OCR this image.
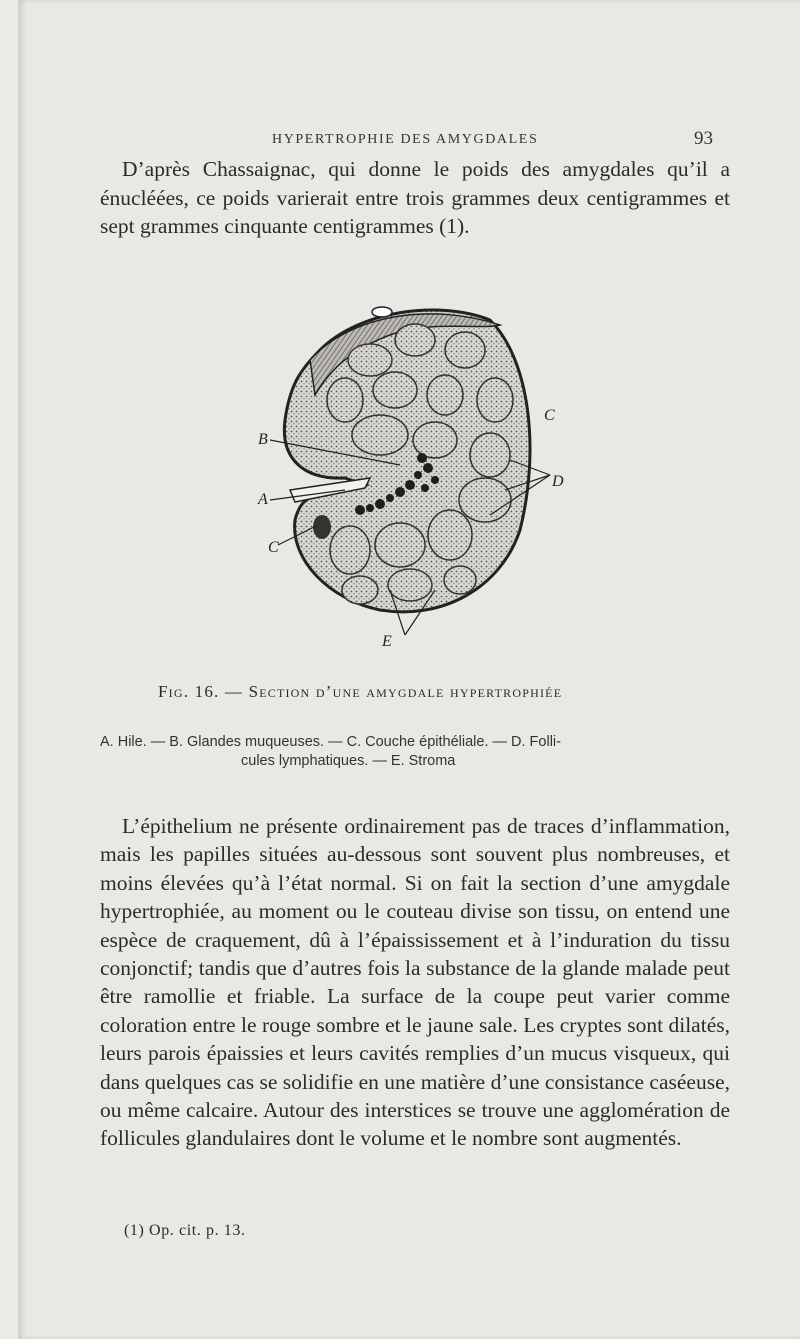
HYPERTROPHIE DES AMYGDALES	93

D’après Chassaignac, qui donne le poids des amygdales qu’il a énucléées, ce poids varierait entre trois grammes deux centigrammes et sept grammes cinquante centigrammes (1).

B
A
C
C
D
E
Fig. 16. — Section d’une amygdale hypertrophiée
A. Hile. — B. Glandes muqueuses. — C. Couche épithéliale. — D. Folli-
cules lymphatiques. — E. Stroma

L’épithelium ne présente ordinairement pas de traces d’inflammation, mais les papilles situées au-dessous sont souvent plus nombreuses, et moins élevées qu’à l’état normal. Si on fait la section d’une amygdale hypertrophiée, au moment ou le couteau divise son tissu, on entend une espèce de craquement, dû à l’épaississement et à l’induration du tissu conjonctif; tandis que d’autres fois la substance de la glande malade peut être ramollie et friable. La surface de la coupe peut varier comme coloration entre le rouge sombre et le jaune sale. Les cryptes sont dilatés, leurs parois épaissies et leurs cavités remplies d’un mucus visqueux, qui dans quelques cas se solidifie en une matière d’une consistance caséeuse, ou même calcaire. Autour des interstices se trouve une agglomération de follicules glandulaires dont le volume et le nombre sont augmentés.

(1) Op. cit. p. 13.
